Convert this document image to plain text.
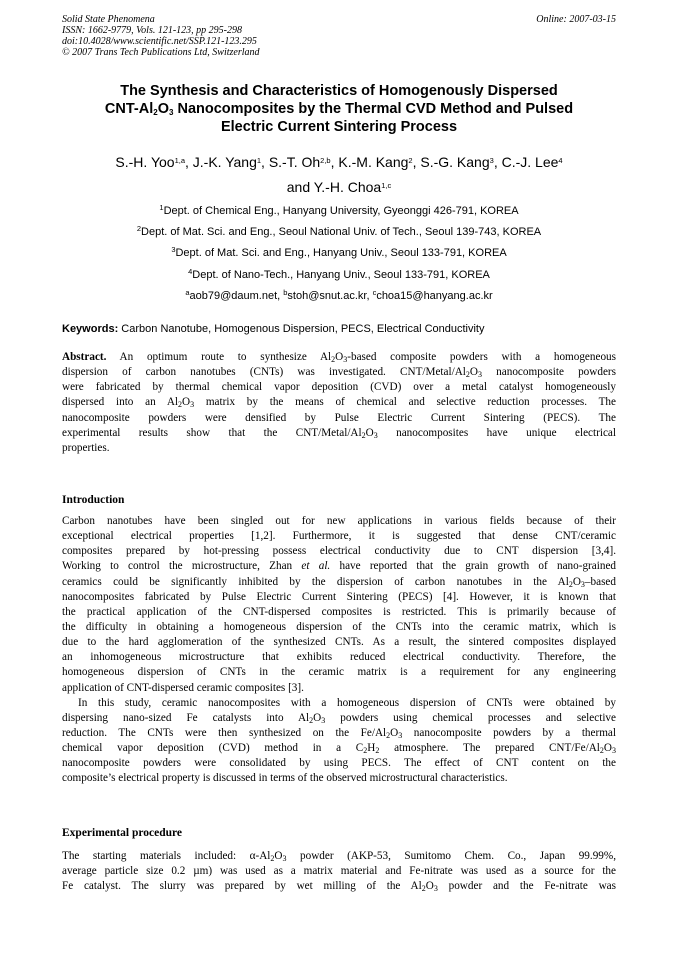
Solid State Phenomena
ISSN: 1662-9779, Vols. 121-123, pp 295-298
doi:10.4028/www.scientific.net/SSP.121-123.295
© 2007 Trans Tech Publications Ltd, Switzerland
Online: 2007-03-15
The Synthesis and Characteristics of Homogenously Dispersed
CNT-$Al_2O_3$ Nanocomposites by the Thermal CVD Method and Pulsed
Electric Current Sintering Process
S.-H. Yoo$^{1,a}$, J.-K. Yang$^1$, S.-T. Oh$^{2,b}$, K.-M. Kang$^2$, S.-G. Kang$^3$, C.-J. Lee$^4$
and Y.-H. Choa$^{1,c}$
$^1$Dept. of Chemical Eng., Hanyang University, Gyeonggi 426-791, KOREA
$^2$Dept. of Mat. Sci. and Eng., Seoul National Univ. of Tech., Seoul 139-743, KOREA
$^3$Dept. of Mat. Sci. and Eng., Hanyang Univ., Seoul 133-791, KOREA
$^4$Dept. of Nano-Tech., Hanyang Univ., Seoul 133-791, KOREA
$^a$aob79@daum.net, $^b$stoh@snut.ac.kr, $^c$choa15@hanyang.ac.kr
Keywords: Carbon Nanotube, Homogenous Dispersion, PECS, Electrical Conductivity
Abstract. An optimum route to synthesize $Al_2O_3$-based composite powders with a homogeneous
dispersion of carbon nanotubes (CNTs) was investigated. CNT/$Metal/Al_2O_3$ nanocomposite powders
were fabricated by thermal chemical vapor deposition (CVD) over a metal catalyst homogeneously
dispersed into an $Al_2O_3$ matrix by the means of chemical and selective reduction processes. The
nanocomposite powders were densified by Pulse Electric Current Sintering (PECS). The
experimental results show that the CNT/$Metal/Al_2O_3$ nanocomposites have unique electrical
properties.
Introduction
Carbon nanotubes have been singled out for new applications in various fields because of their
exceptional electrical properties [1,2]. Furthermore, it is suggested that dense CNT/ceramic
composites prepared by hot-pressing possess electrical conductivity due to CNT dispersion [3,4].
Working to control the microstructure, Zhan et al. have reported that the grain growth of nano-grained
ceramics could be significantly inhibited by the dispersion of carbon nanotubes in the $Al_2O_3$–based
nanocomposites fabricated by Pulse Electric Current Sintering (PECS) [4]. However, it is known that
the practical application of the CNT-dispersed composites is restricted. This is primarily because of
the difficulty in obtaining a homogeneous dispersion of the CNTs into the ceramic matrix, which is
due to the hard agglomeration of the synthesized CNTs. As a result, the sintered composites displayed
an inhomogeneous microstructure that exhibits reduced electrical conductivity. Therefore, the
homogeneous dispersion of CNTs in the ceramic matrix is a requirement for any engineering
application of CNT-dispersed ceramic composites [3].
In this study, ceramic nanocomposites with a homogeneous dispersion of CNTs were obtained by
dispersing nano-sized Fe catalysts into $Al_2O_3$ powders using chemical processes and selective
reduction. The CNTs were then synthesized on the $Fe/Al_2O_3$ nanocomposite powders by a thermal
chemical vapor deposition (CVD) method in a $C_2H_2$ atmosphere. The prepared CNT/$Fe/Al_2O_3$
nanocomposite powders were consolidated by using PECS. The effect of CNT content on the
composite’s electrical property is discussed in terms of the observed microstructural characteristics.
Experimental procedure
The starting materials included: $\alpha-Al_2O_3$ powder (AKP-53, Sumitomo Chem. Co., Japan 99.99%,
average particle size 0.2 µm) was used as a matrix material and Fe-nitrate was used as a source for the
Fe catalyst. The slurry was prepared by wet milling of the $Al_2O_3$ powder and the Fe-nitrate was
